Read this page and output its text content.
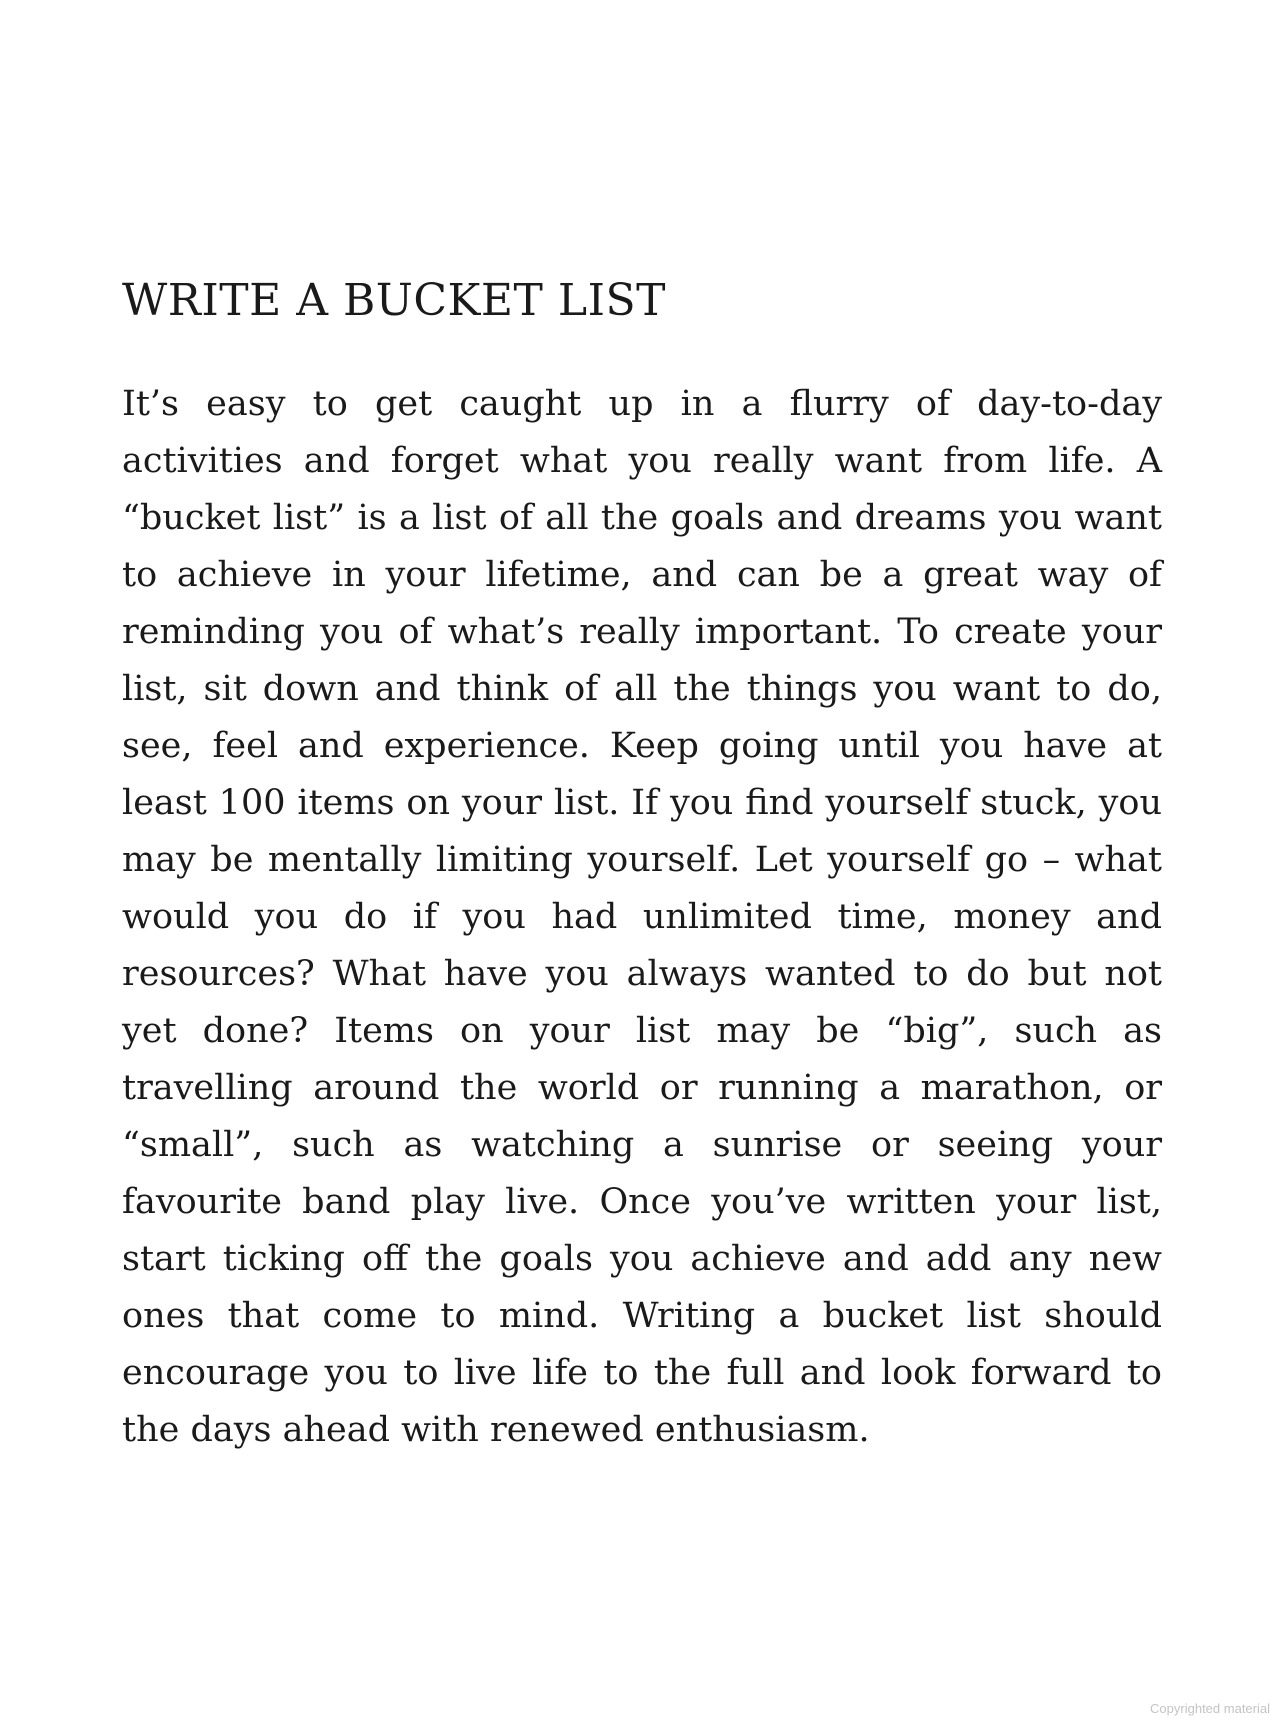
WRITE A BUCKET LIST

It’s easy to get caught up in a flurry of day-to-day activities and forget what you really want from life. A “bucket list” is a list of all the goals and dreams you want to achieve in your lifetime, and can be a great way of reminding you of what’s really important. To create your list, sit down and think of all the things you want to do, see, feel and experience. Keep going until you have at least 100 items on your list. If you find yourself stuck, you may be mentally limiting yourself. Let yourself go – what would you do if you had unlimited time, money and resources? What have you always wanted to do but not yet done? Items on your list may be “big”, such as travelling around the world or running a marathon, or “small”, such as watching a sunrise or seeing your favourite band play live. Once you’ve written your list, start ticking off the goals you achieve and add any new ones that come to mind. Writing a bucket list should encourage you to live life to the full and look forward to the days ahead with renewed enthusiasm.

Copyrighted material
